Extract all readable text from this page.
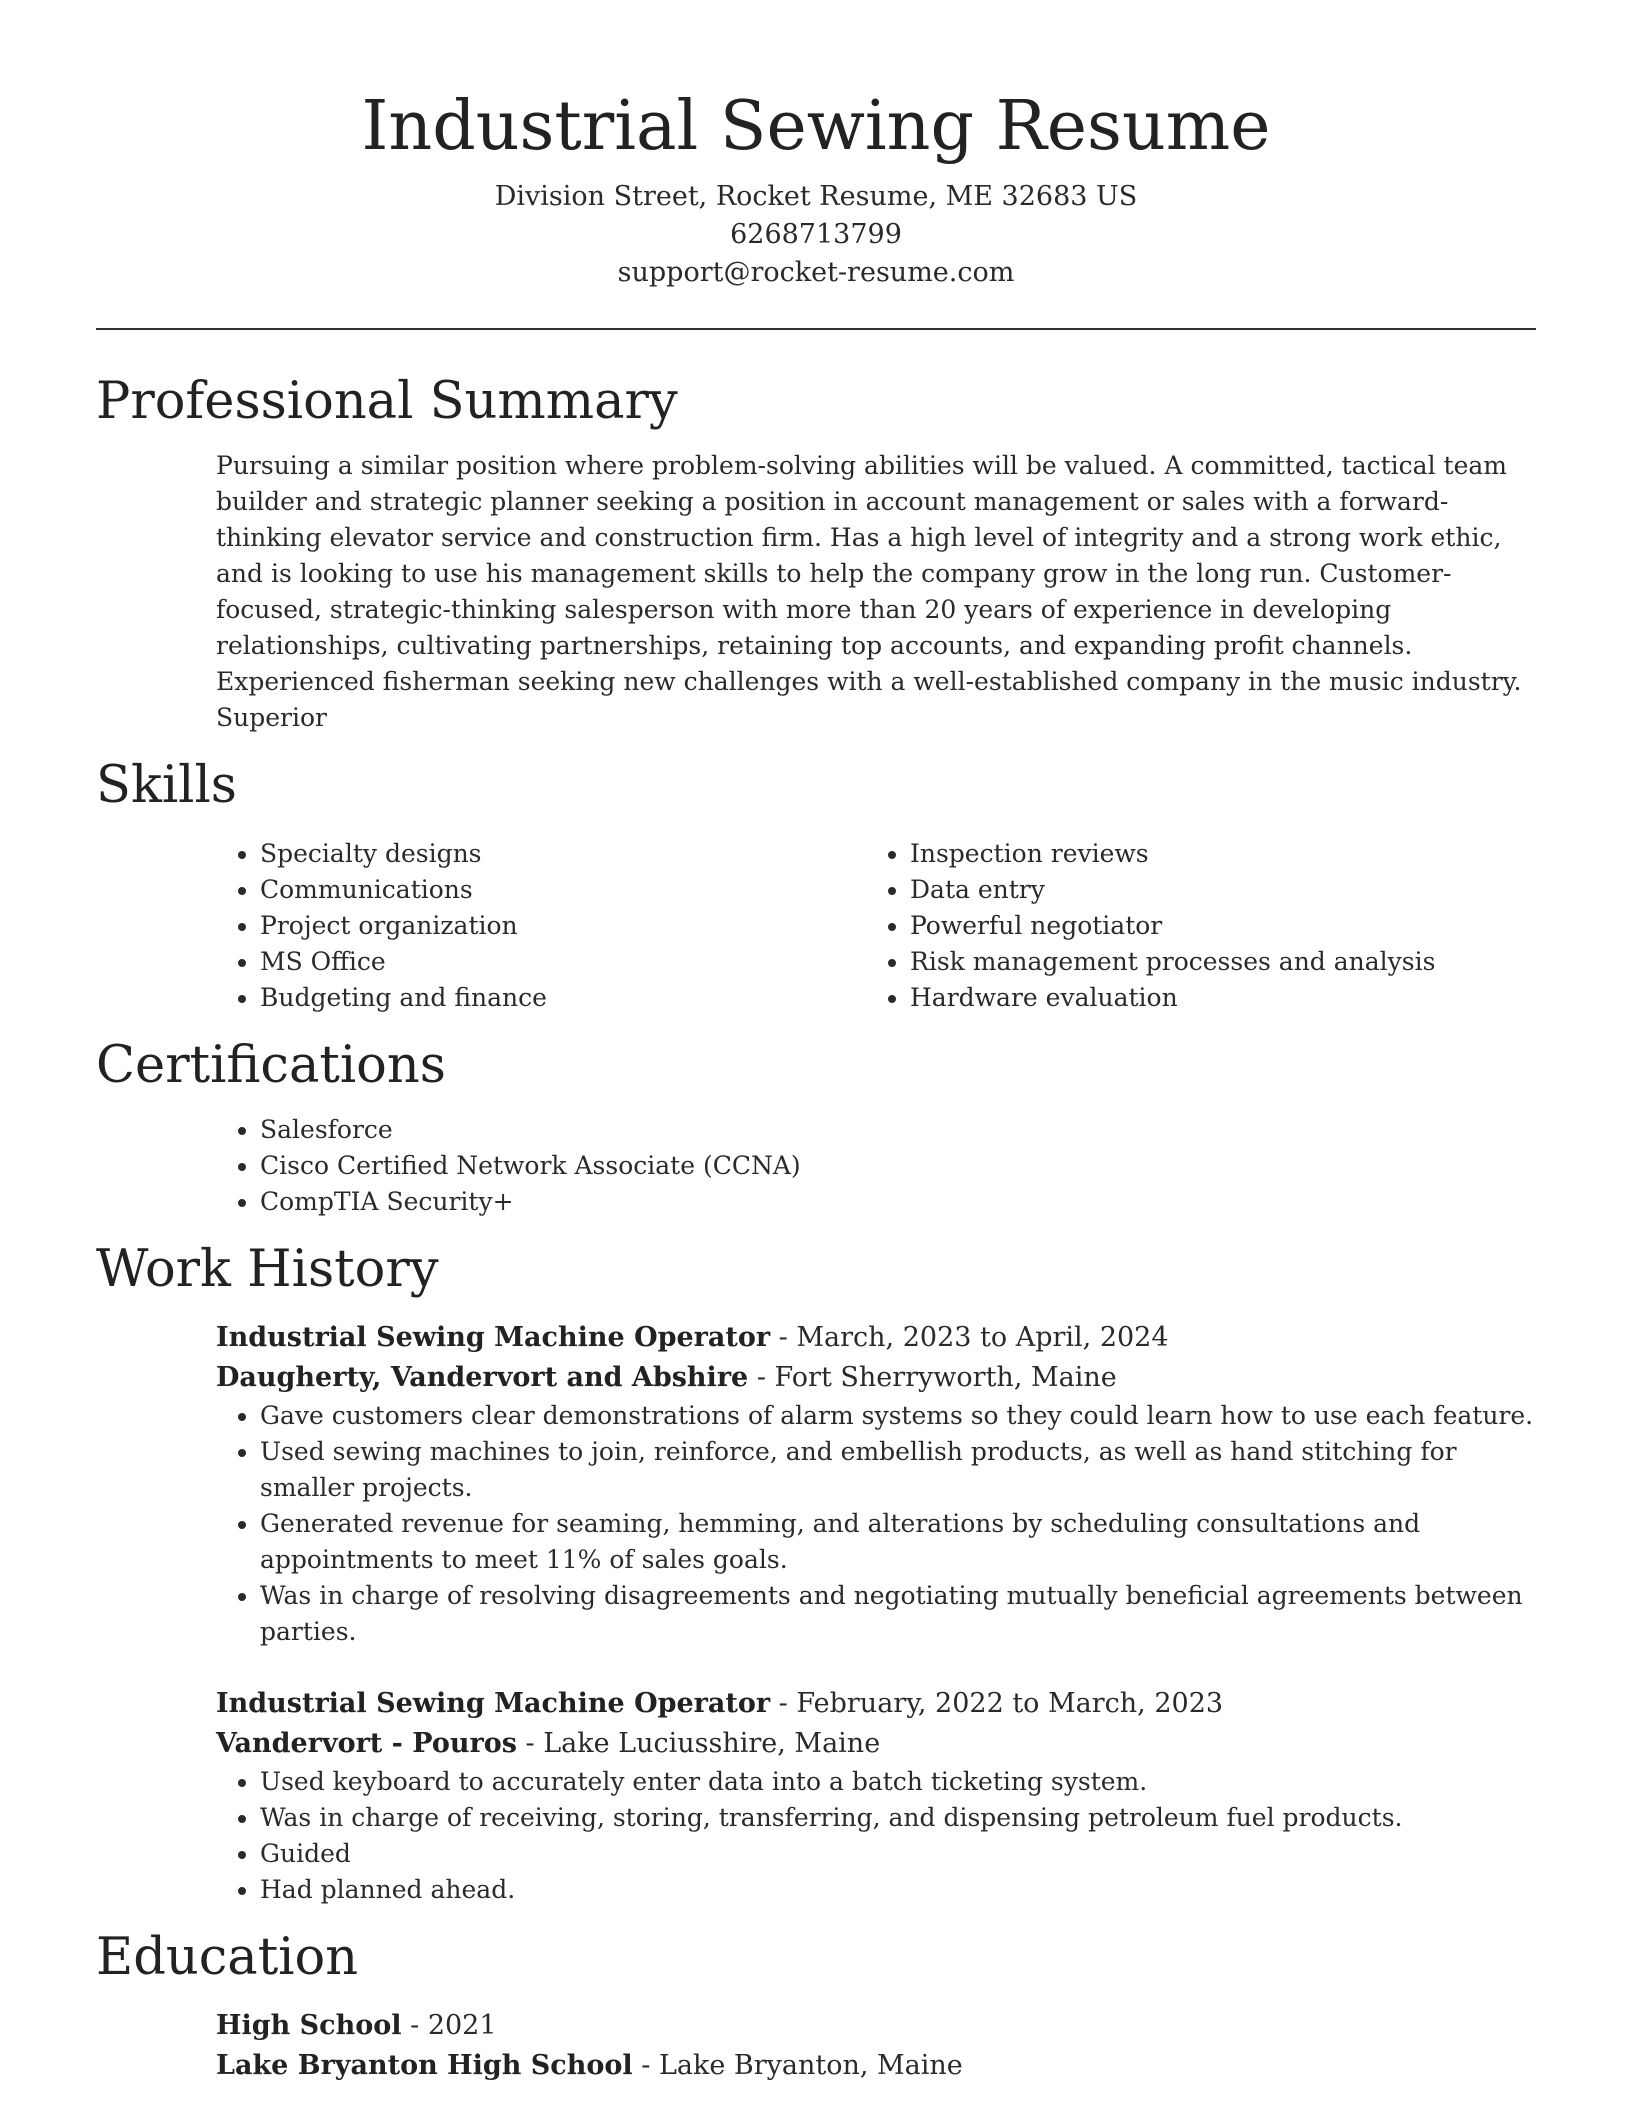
Industrial Sewing Resume
Division Street, Rocket Resume, ME 32683 US
6268713799
support@rocket-resume.com
Professional Summary
Pursuing a similar position where problem-solving abilities will be valued. A committed, tactical team builder and strategic planner seeking a position in account management or sales with a forward-thinking elevator service and construction firm. Has a high level of integrity and a strong work ethic, and is looking to use his management skills to help the company grow in the long run. Customer-focused, strategic-thinking salesperson with more than 20 years of experience in developing relationships, cultivating partnerships, retaining top accounts, and expanding profit channels. Experienced fisherman seeking new challenges with a well-established company in the music industry. Superior
Skills
• Specialty designs
• Communications
• Project organization
• MS Office
• Budgeting and finance
• Inspection reviews
• Data entry
• Powerful negotiator
• Risk management processes and analysis
• Hardware evaluation
Certifications
• Salesforce
• Cisco Certified Network Associate (CCNA)
• CompTIA Security+
Work History
Industrial Sewing Machine Operator - March, 2023 to April, 2024
Daugherty, Vandervort and Abshire - Fort Sherryworth, Maine
• Gave customers clear demonstrations of alarm systems so they could learn how to use each feature.
• Used sewing machines to join, reinforce, and embellish products, as well as hand stitching for smaller projects.
• Generated revenue for seaming, hemming, and alterations by scheduling consultations and appointments to meet 11% of sales goals.
• Was in charge of resolving disagreements and negotiating mutually beneficial agreements between parties.
Industrial Sewing Machine Operator - February, 2022 to March, 2023
Vandervort - Pouros - Lake Luciusshire, Maine
• Used keyboard to accurately enter data into a batch ticketing system.
• Was in charge of receiving, storing, transferring, and dispensing petroleum fuel products.
• Guided
• Had planned ahead.
Education
High School - 2021
Lake Bryanton High School - Lake Bryanton, Maine
